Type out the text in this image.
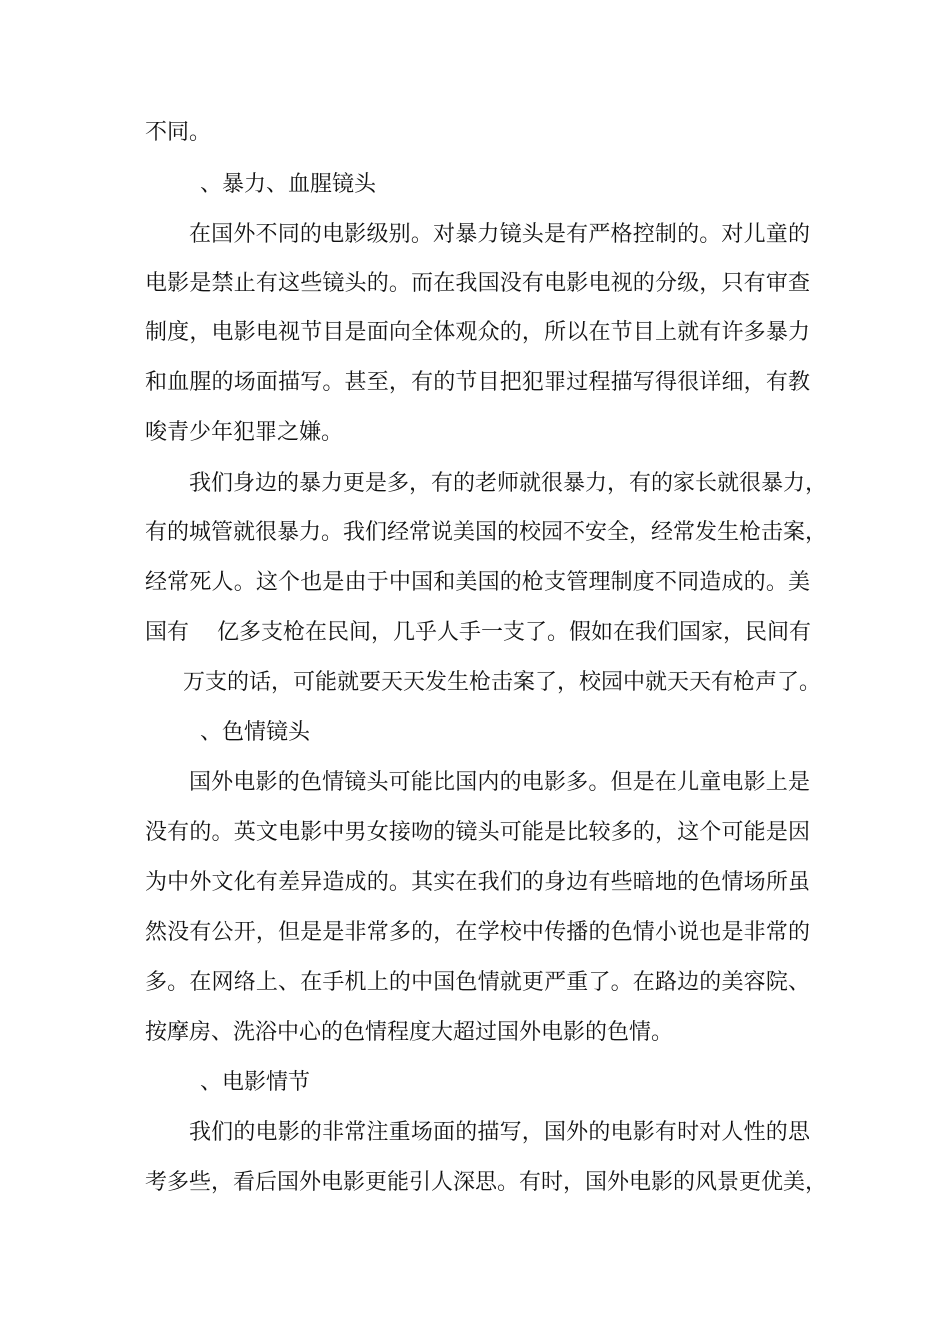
不同。
、暴力、血腥镜头
在国外不同的电影级别。对暴力镜头是有严格控制的。对儿童的
电影是禁止有这些镜头的。而在我国没有电影电视的分级，只有审查
制度，电影电视节目是面向全体观众的，所以在节目上就有许多暴力
和血腥的场面描写。甚至，有的节目把犯罪过程描写得很详细，有教
唆青少年犯罪之嫌。
我们身边的暴力更是多，有的老师就很暴力，有的家长就很暴力，
有的城管就很暴力。我们经常说美国的校园不安全，经常发生枪击案，
经常死人。这个也是由于中国和美国的枪支管理制度不同造成的。美
国有    亿多支枪在民间，几乎人手一支了。假如在我们国家，民间有
万支的话，可能就要天天发生枪击案了，校园中就天天有枪声了。
、色情镜头
国外电影的色情镜头可能比国内的电影多。但是在儿童电影上是
没有的。英文电影中男女接吻的镜头可能是比较多的，这个可能是因
为中外文化有差异造成的。其实在我们的身边有些暗地的色情场所虽
然没有公开，但是是非常多的，在学校中传播的色情小说也是非常的
多。在网络上、在手机上的中国色情就更严重了。在路边的美容院、
按摩房、洗浴中心的色情程度大超过国外电影的色情。
、电影情节
我们的电影的非常注重场面的描写，国外的电影有时对人性的思
考多些，看后国外电影更能引人深思。有时，国外电影的风景更优美，
